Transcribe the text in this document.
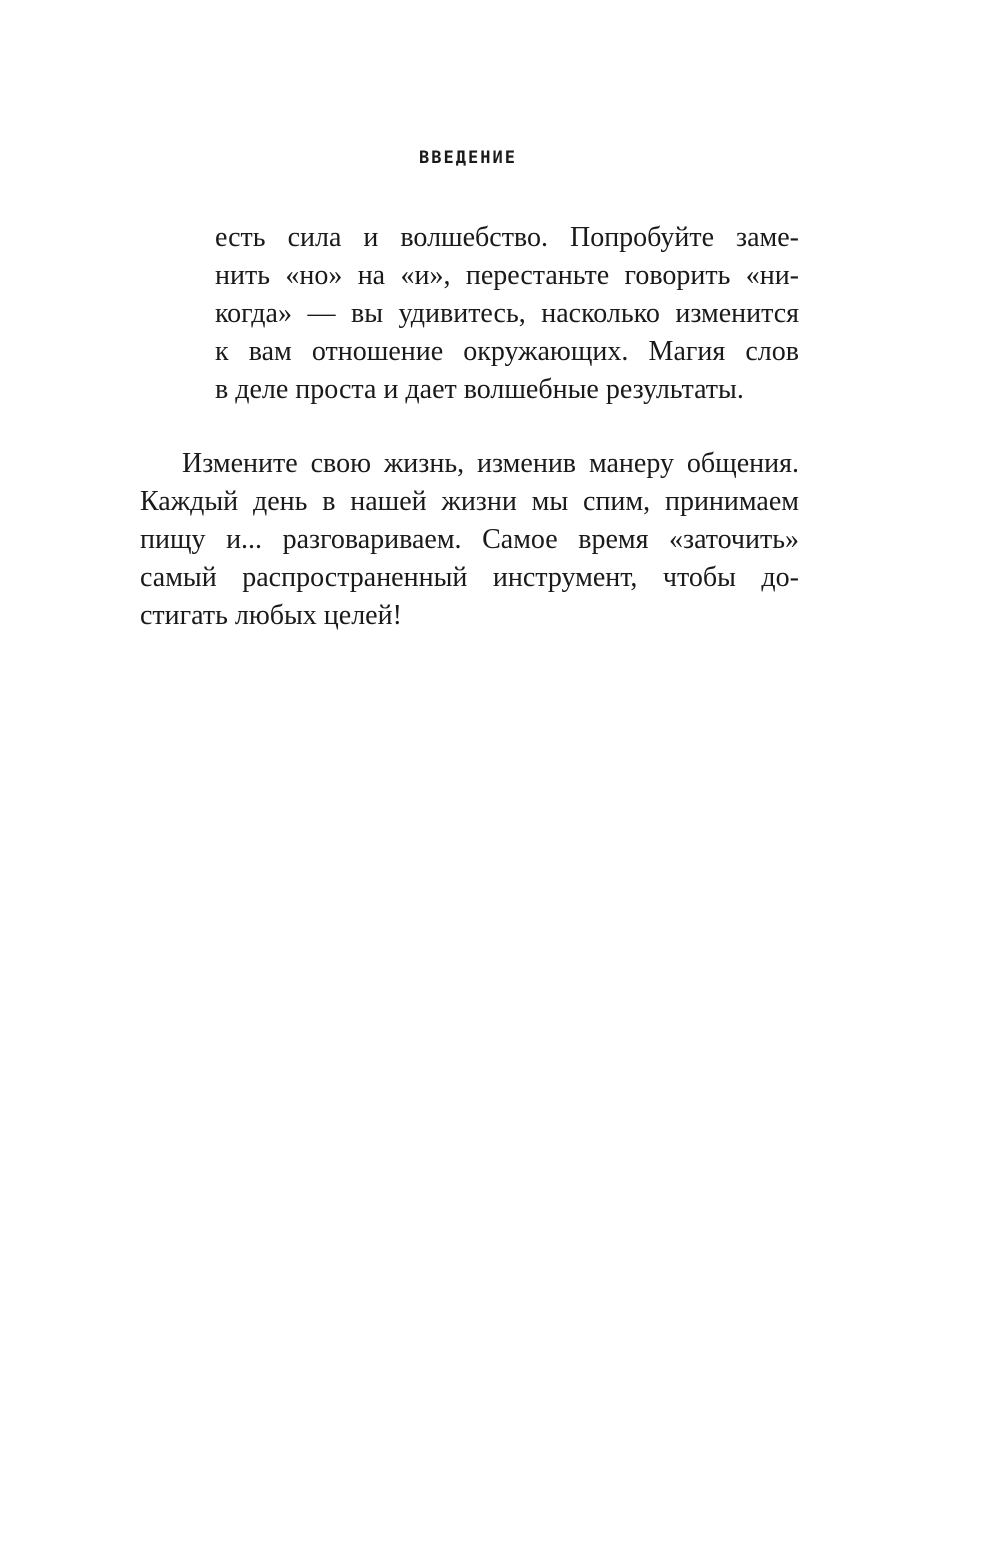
ВВЕДЕНИЕ
есть сила и волшебство. Попробуйте заме-
нить «но» на «и», перестаньте говорить «ни-
когда» — вы удивитесь, насколько изменится
к вам отношение окружающих. Магия слов
в деле проста и дает волшебные результаты.
Измените свою жизнь, изменив манеру общения.
Каждый день в нашей жизни мы спим, принимаем
пищу и... разговариваем. Самое время «заточить»
самый распространенный инструмент, чтобы до-
стигать любых целей!
